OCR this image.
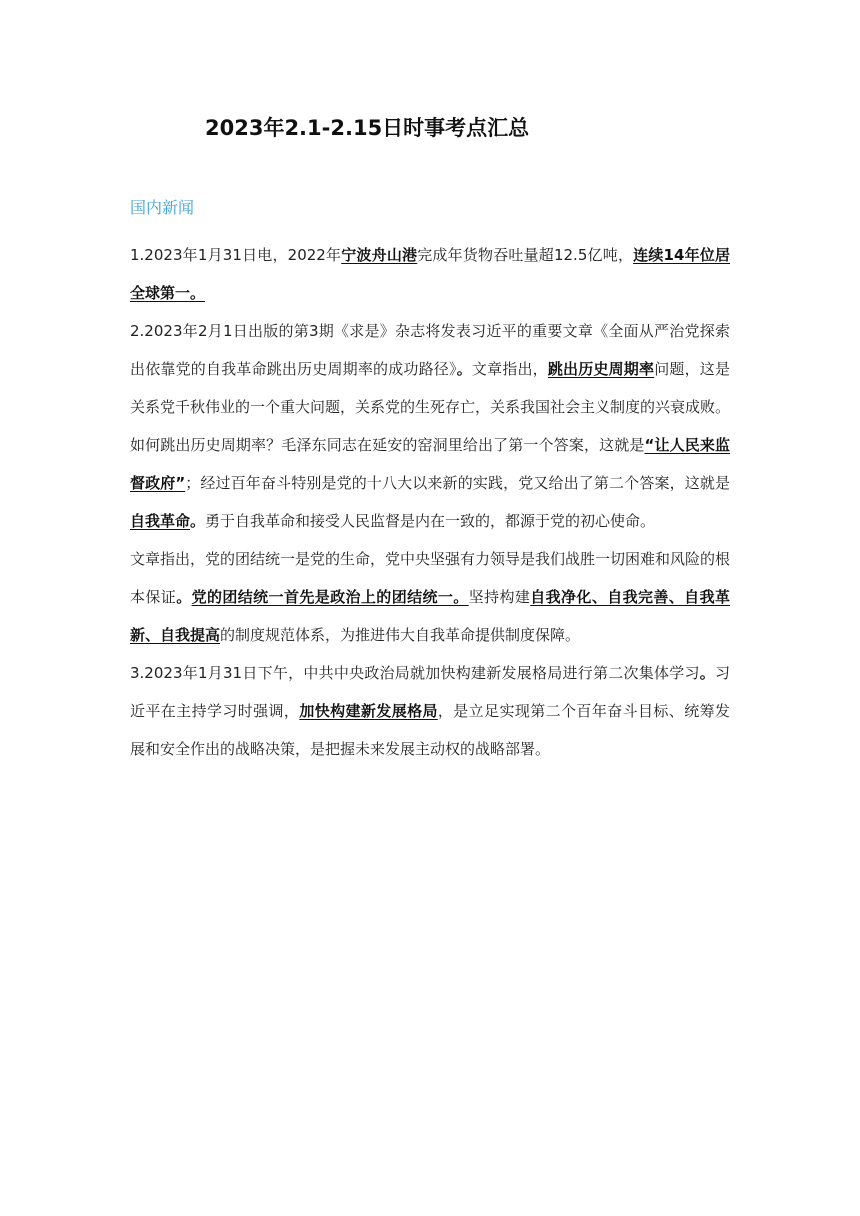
2023年2.1-2.15日时事考点汇总
国内新闻

1.2023年1月31日电，2022年宁波舟山港完成年货物吞吐量超12.5亿吨，连续14年位居全球第一。

2.2023年2月1日出版的第3期《求是》杂志将发表习近平的重要文章《全面从严治党探索出依靠党的自我革命跳出历史周期率的成功路径》。文章指出，跳出历史周期率问题，这是关系党千秋伟业的一个重大问题，关系党的生死存亡，关系我国社会主义制度的兴衰成败。

如何跳出历史周期率？毛泽东同志在延安的窑洞里给出了第一个答案，这就是“让人民来监督政府”；经过百年奋斗特别是党的十八大以来新的实践，党又给出了第二个答案，这就是自我革命。勇于自我革命和接受人民监督是内在一致的，都源于党的初心使命。

文章指出，党的团结统一是党的生命，党中央坚强有力领导是我们战胜一切困难和风险的根本保证。党的团结统一首先是政治上的团结统一。坚持构建自我净化、自我完善、自我革新、自我提高的制度规范体系，为推进伟大自我革命提供制度保障。

3.2023年1月31日下午，中共中央政治局就加快构建新发展格局进行第二次集体学习。习近平在主持学习时强调，加快构建新发展格局，是立足实现第二个百年奋斗目标、统筹发展和安全作出的战略决策，是把握未来发展主动权的战略部署。
